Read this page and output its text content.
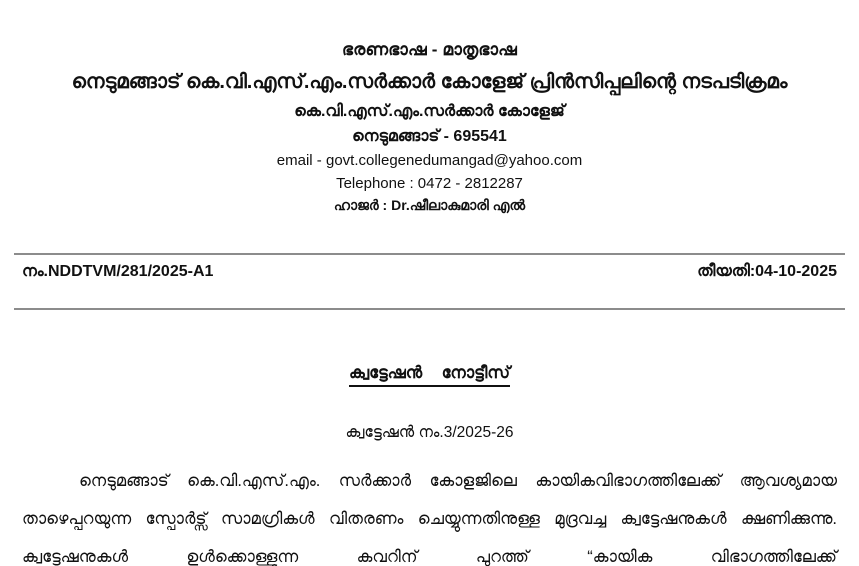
ഭരണഭാഷ - മാതൃഭാഷ
നെടുമങ്ങാട് കെ.വി.എസ്.എം.സർക്കാർ കോളേജ് പ്രിൻസിപ്പലിന്റെ നടപടിക്രമം
കെ.വി.എസ്.എം.സർക്കാർ കോളേജ്
നെടുമങ്ങാട് - 695541
email - govt.collegenedumangad@yahoo.com
Telephone : 0472 - 2812287
ഹാജർ : Dr.ഷീലാകുമാരി എൽ
നം.NDDTVM/281/2025-A1	തീയതി:04-10-2025
ക്വട്ടേഷൻ നോട്ടീസ്
ക്വട്ടേഷൻ നം.3/2025-26
നെടുമങ്ങാട് കെ.വി.എസ്.എം. സർക്കാർ കോളജിലെ കായികവിഭാഗത്തിലേക്ക് ആവശ്യമായ താഴെപ്പറയുന്ന സ്പോർട്സ് സാമഗ്രികൾ വിതരണം ചെയ്യുന്നതിനുള്ള മുദ്രവച്ച ക്വട്ടേഷനുകൾ ക്ഷണിക്കുന്നു. ക്വട്ടേഷനുകൾ ഉൾക്കൊള്ളുന്ന കവറിന് പുറത്ത് “കായിക വിഭാഗത്തിലേക്ക്
